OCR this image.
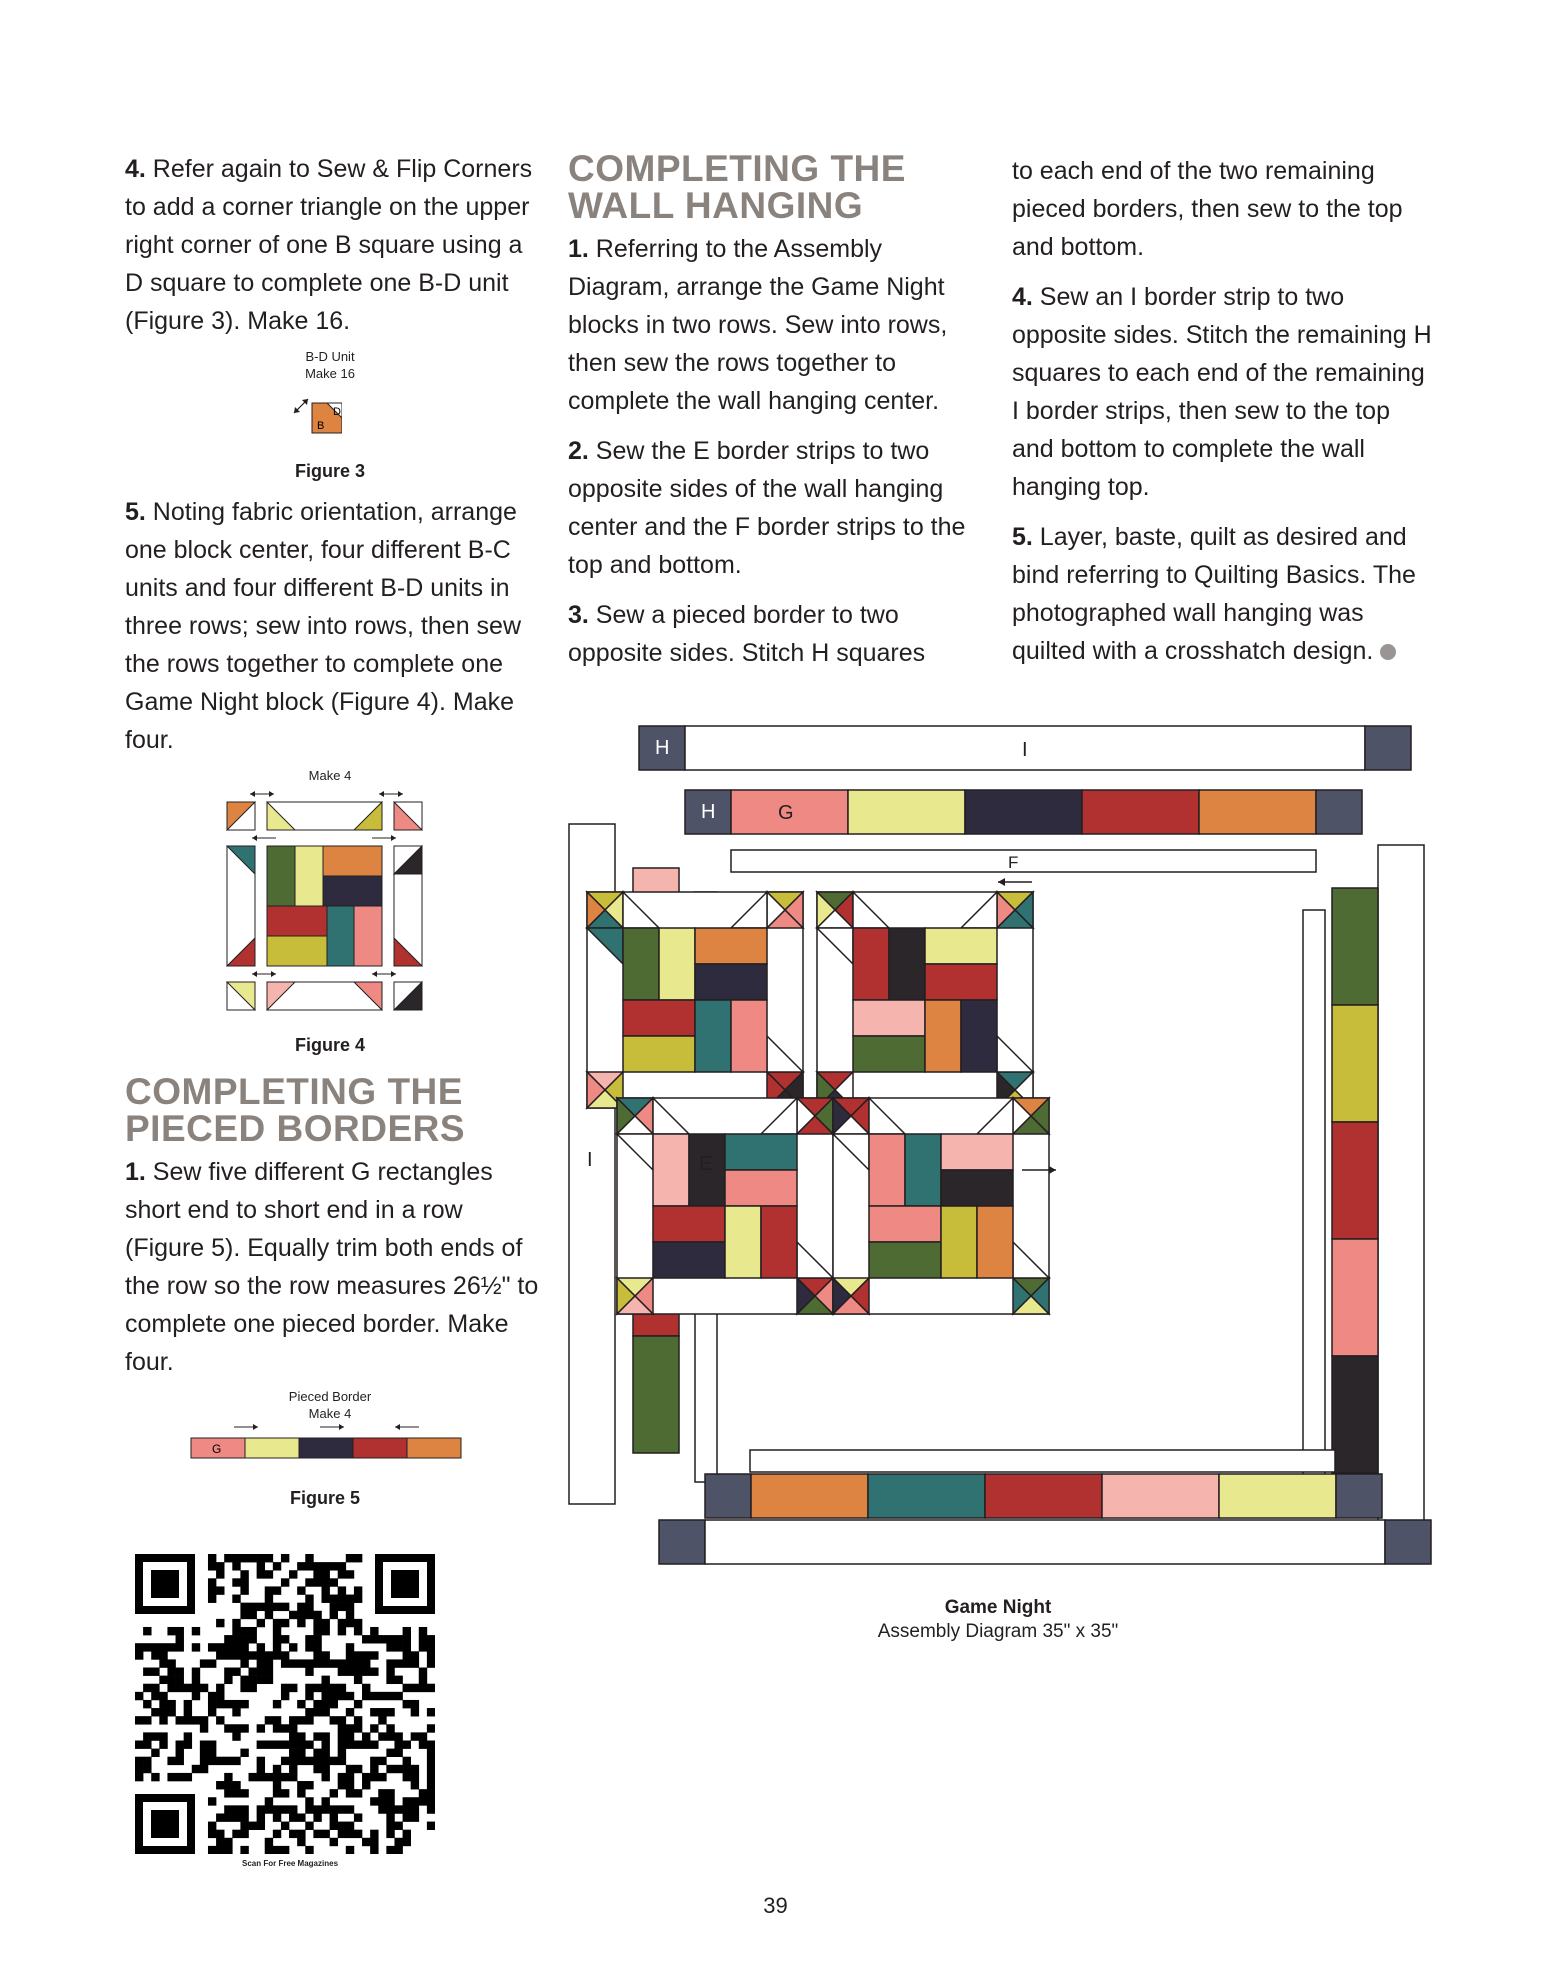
4. Refer again to Sew & Flip Corners to add a corner triangle on the upper right corner of one B square using a D square to complete one B-D unit (Figure 3). Make 16.

B-D Unit
Make 16
D
B
Figure 3

5. Noting fabric orientation, arrange one block center, four different B-C units and four different B-D units in three rows; sew into rows, then sew the rows together to complete one Game Night block (Figure 4). Make four.

Make 4
Figure 4
COMPLETING THE
PIECED BORDERS

1. Sew five different G rectangles short end to short end in a row (Figure 5). Equally trim both ends of the row so the row measures 26½" to complete one pieced border. Make four.

Pieced Border
Make 4
G
Figure 5
Scan For Free Magazines
COMPLETING THE
WALL HANGING

1. Referring to the Assembly Diagram, arrange the Game Night blocks in two rows. Sew into rows, then sew the rows together to complete the wall hanging center.

2. Sew the E border strips to two opposite sides of the wall hanging center and the F border strips to the top and bottom.

3. Sew a pieced border to two opposite sides. Stitch H squares

to each end of the two remaining pieced borders, then sew to the top and bottom.

4. Sew an I border strip to two opposite sides. Stitch the remaining H squares to each end of the remaining I border strips, then sew to the top and bottom to complete the wall hanging top.

5. Layer, baste, quilt as desired and bind referring to Quilting Basics. The photographed wall hanging was quilted with a crosshatch design.

H	I
H	G
F
I	E
Game Night
Assembly Diagram 35" x 35"
39
